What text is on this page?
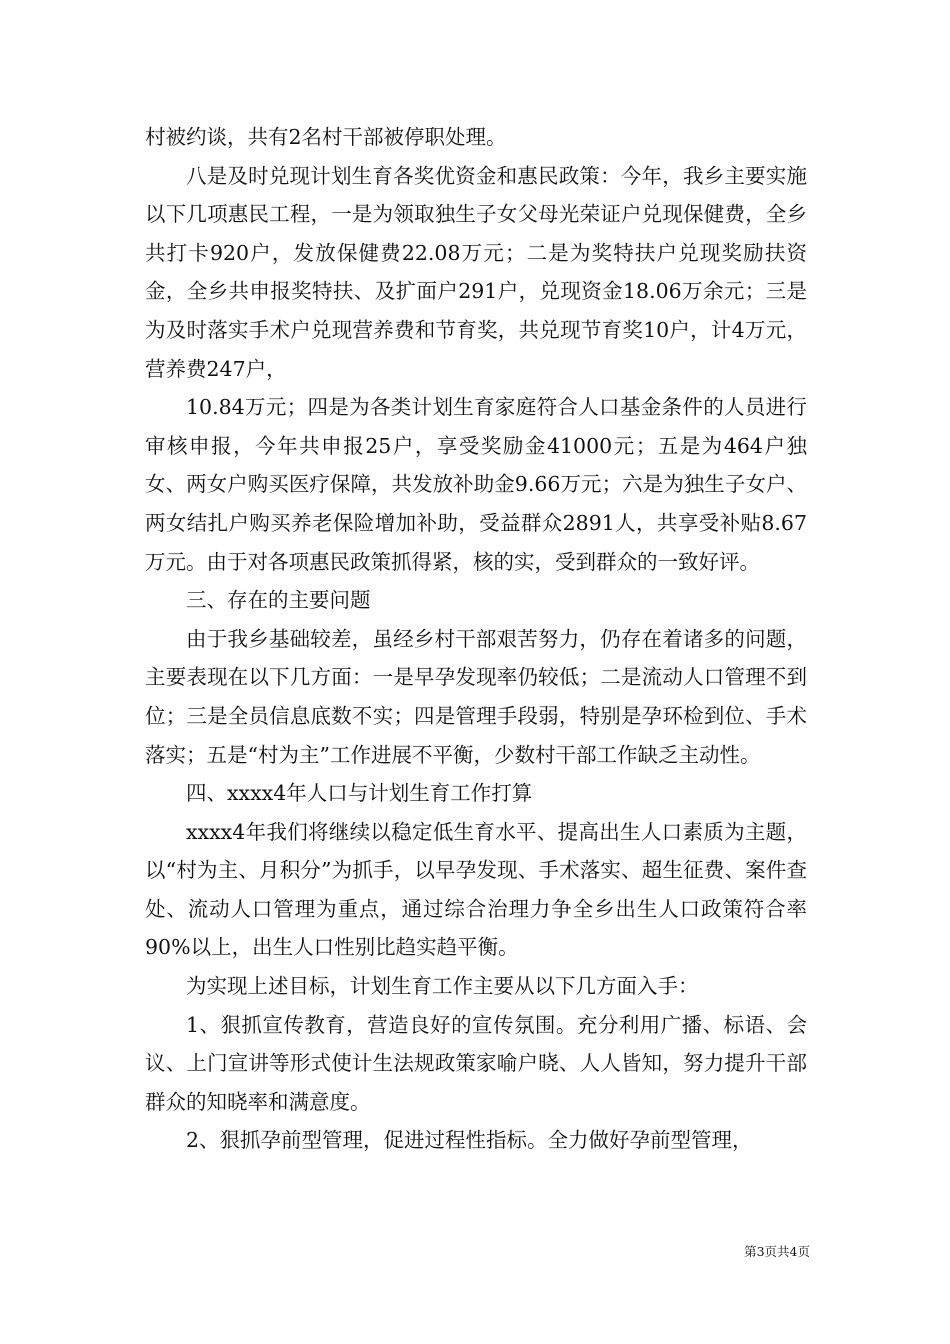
村被约谈，共有2名村干部被停职处理。

八是及时兑现计划生育各奖优资金和惠民政策：今年，我乡主要实施以下几项惠民工程，一是为领取独生子女父母光荣证户兑现保健费，全乡共打卡920户，发放保健费22.08万元；二是为奖特扶户兑现奖励扶资金，全乡共申报奖特扶、及扩面户291户，兑现资金18.06万余元；三是为及时落实手术户兑现营养费和节育奖，共兑现节育奖10户，计4万元，营养费247户，

10.84万元；四是为各类计划生育家庭符合人口基金条件的人员进行审核申报，今年共申报25户，享受奖励金41000元；五是为464户独女、两女户购买医疗保障，共发放补助金9.66万元；六是为独生子女户、两女结扎户购买养老保险增加补助，受益群众2891人，共享受补贴8.67万元。由于对各项惠民政策抓得紧，核的实，受到群众的一致好评。

三、存在的主要问题

由于我乡基础较差，虽经乡村干部艰苦努力，仍存在着诸多的问题，主要表现在以下几方面：一是早孕发现率仍较低；二是流动人口管理不到位；三是全员信息底数不实；四是管理手段弱，特别是孕环检到位、手术落实；五是“村为主”工作进展不平衡，少数村干部工作缺乏主动性。

四、xxxx4年人口与计划生育工作打算

xxxx4年我们将继续以稳定低生育水平、提高出生人口素质为主题，以“村为主、月积分”为抓手，以早孕发现、手术落实、超生征费、案件查处、流动人口管理为重点，通过综合治理力争全乡出生人口政策符合率90%以上，出生人口性别比趋实趋平衡。

为实现上述目标，计划生育工作主要从以下几方面入手：

1、狠抓宣传教育，营造良好的宣传氛围。充分利用广播、标语、会议、上门宣讲等形式使计生法规政策家喻户晓、人人皆知，努力提升干部群众的知晓率和满意度。

2、狠抓孕前型管理，促进过程性指标。全力做好孕前型管理，

第3页共4页
